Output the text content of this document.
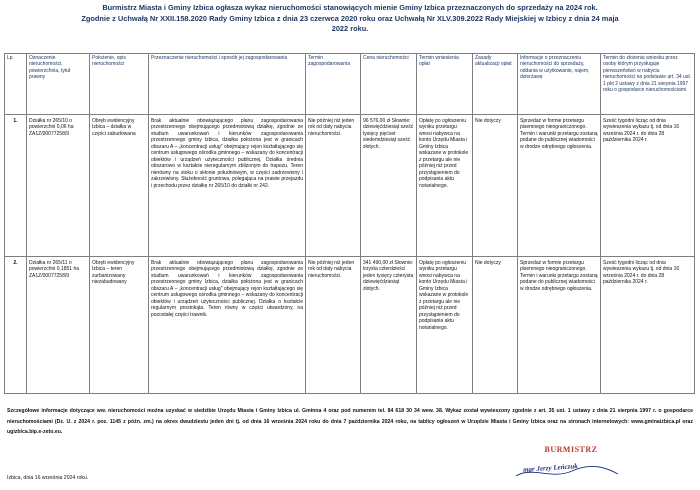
Burmistrz Miasta i Gminy Izbica ogłasza wykaz nieruchomości stanowiących mienie Gminy Izbica przeznaczonych do sprzedaży na 2024 rok.
Zgodnie z Uchwałą Nr XXII.158.2020 Rady Gminy Izbica z dnia 23 czerwca 2020 roku oraz Uchwałą Nr XLV.309.2022 Rady Miejskiej w Izbicy z dnia 24 maja
2022 roku.
Lp.	Oznaczenie nieruchomości, powierzchnia, tytuł prawny	Położenie, opis nieruchomości	Przeznaczenie nieruchomości i sposób jej zagospodarowania	Termin zagospodarowania	Cena nieruchomości	Termin wniesienia opłat	Zasady aktualizacji opłat	Informacje o przeznaczeniu nieruchomości do sprzedaży, oddania w użytkowanie, najem, dzierżawę	Termin do złożenia wniosku przez osoby którym przysługuje pierwszeństwo w nabyciu nieruchomości na podstawie art. 34 ust. 1 pkt 2 ustawy z dnia 21 sierpnia 1997 roku o gospodarce nieruchomościami
1.	Działka nr 265/10 o powierzchni 0,06 ha ZA1Z/00077258/9	Obręb ewidencyjny Izbica – działka w części zabudowana	Brak aktualnie obowiązującego planu zagospodarowania przestrzennego obejmującego przedmiotową działkę, zgodnie ze studium uwarunkowań i kierunków zagospodarowania przestrzennego gminy Izbica, działka położona jest w granicach obszaru A – „koncentracji usług" obejmujący rejon kształtującego się centrum usługowego ośrodka gminnego – wskazany do koncentracji obiektów i urządzeń użyteczności publicznej. Działka średnia obszarowo w kształcie nieregularnym zbliżonym do trapezu. Teren nierówny na stoku o skłonie południowym, w części zadrzewiony i zakrzewiony. Służebność gruntowa, polegająca na prawie przejazdu i przechodu przez działkę nr 265/10 do działki nr 242.	Nie później niż jeden rok od daty nabycia nieruchomości.	96 576,00 zł Słownie: dziewięćdziesiąt sześć tysięcy pięćset siedemdziesiąt sześć złotych.	Opłatę po ogłoszeniu wyniku przetargu wnosi nabywca na konto Urzędu Miasta i Gminy Izbica wskazane w protokole z przetargu ale nie później niż przed przystąpieniem do podpisania aktu notarialnego.	Nie dotyczy	Sprzedaż w formie przetargu pisemnego nieograniczonego. Termin i warunki przetargu zostaną podane do publicznej wiadomości w drodze odrębnego ogłoszenia.	Sześć tygodni licząc od dnia wywieszenia wykazu tj. od dnia 16 września 2024 r. do dnia 28 października 2024 r.
2.	Działka nr 265/11 o powierzchni 0,1851 ha ZA1Z/00077258/9	Obręb ewidencyjny Izbica – teren zurbanizowany niezabudowany	Brak aktualnie obowiązującego planu zagospodarowania przestrzennego obejmującego przedmiotową działkę, zgodnie ze studium uwarunkowań i kierunków zagospodarowania przestrzennego gminy Izbica, działka położona jest w granicach obszaru A – „koncentracji usług" obejmujący rejon kształtującego się centrum usługowego ośrodka gminnego – wskazany do koncentracji obiektów i urządzeń użyteczności publicznej. Działka o kształcie regularnym prostokąta. Teren równy w części utwardzony, na pozostałej części trawnik.	Nie później niż jeden rok od daty nabycia nieruchomości.	341 490,00 zł Słownie: trzysta czterdzieści jeden tysięcy czterysta dziewięćdziesiąt złotych.	Opłatę po ogłoszeniu wyniku przetargu wnosi nabywca na konto Urzędu Miasta i Gminy Izbica wskazane w protokole z przetargu ale nie później niż przed przystąpieniem do podpisania aktu notarialnego.	Nie dotyczy	Sprzedaż w formie przetargu pisemnego nieograniczonego. Termin i warunki przetargu zostaną podane do publicznej wiadomości w drodze odrębnego ogłoszenia.	Sześć tygodni licząc od dnia wywieszenia wykazu tj. od dnia 16 września 2024 r. do dnia 28 października 2024 r.
Szczegółowe informacje dotyczące ww. nieruchomości można uzyskać w siedzibie Urzędu Miasta i Gminy Izbica ul. Gminna 4 oraz pod numerem tel. 84 618 30 34 wew. 38. Wykaz został wywieszony zgodnie z art. 35 ust. 1 ustawy z dnia 21 sierpnia 1997 r. o gospodarce nieruchomościami (Dz. U. z 2024 r. poz. 1145 z późn. zm.) na okres dwudziestu jeden dni tj. od dnia 16 września 2024 roku do dnia 7 października 2024 roku, na tablicy ogłoszeń w Urzędzie Miasta i Gminy Izbica oraz na stronach internetowych: www.gminaizbica.pl oraz ugizbica.bip.e-zeto.eu.
Izbica, dnia 16 września 2024 roku.
BURMISTRZ
mgr Jerzy Leńczuk
